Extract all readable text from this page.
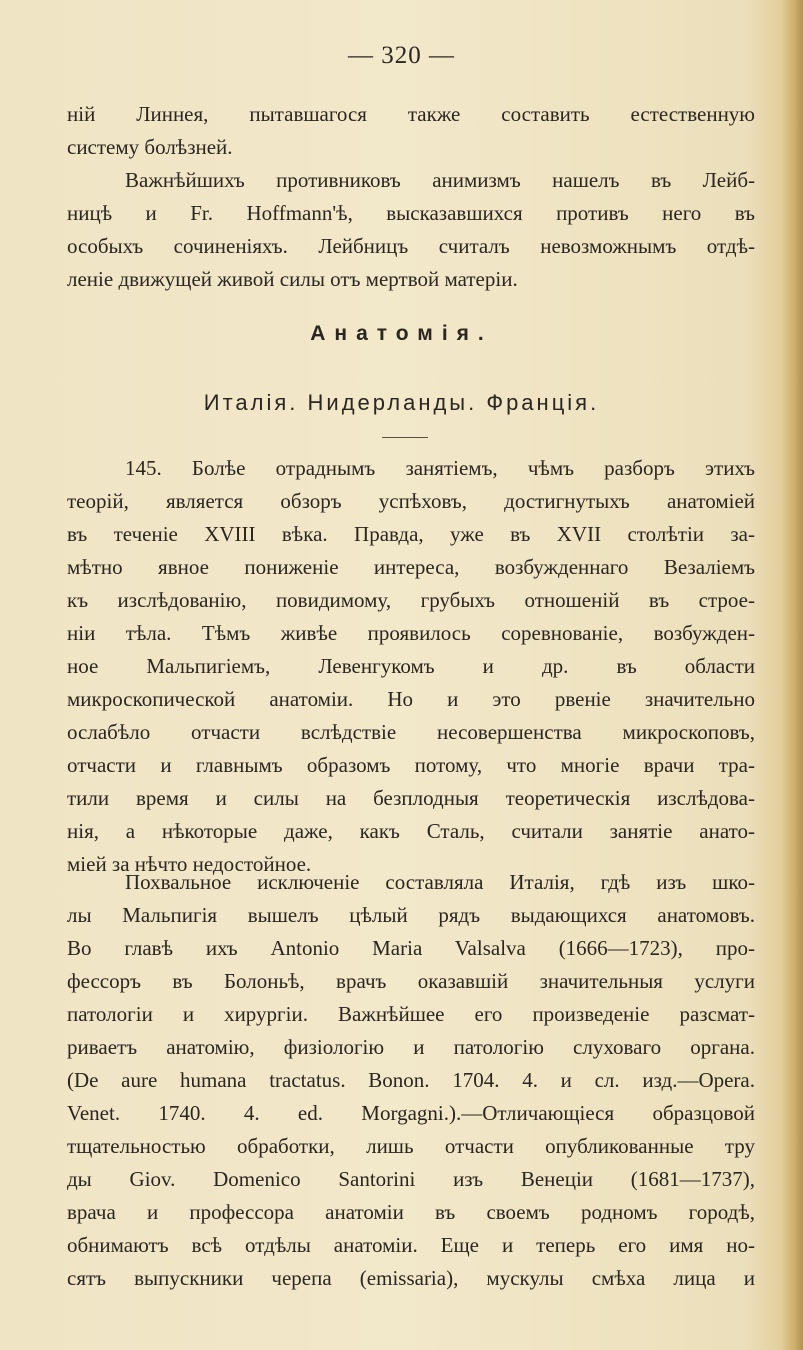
— 320 —
ній Линнея, пытавшагося также составить естественную
систему болѣзней.
Важнѣйшихъ противниковъ анимизмъ нашелъ въ Лейб-
ницѣ и Fr. Hoffmann'ѣ, высказавшихся противъ него въ
особыхъ сочиненіяхъ. Лейбницъ считалъ невозможнымъ отдѣ-
леніе движущей живой силы отъ мертвой матеріи.
Анатомія.
Италія. Нидерланды. Франція.
145. Болѣе отраднымъ занятіемъ, чѣмъ разборъ этихъ
теорій, является обзоръ успѣховъ, достигнутыхъ анатоміей
въ теченіе XVIII вѣка. Правда, уже въ XVII столѣтіи за-
мѣтно явное пониженіе интереса, возбужденнаго Везаліемъ
къ изслѣдованію, повидимому, грубыхъ отношеній въ строе-
ніи тѣла. Тѣмъ живѣе проявилось соревнованіе, возбужден-
ное Мальпигіемъ, Левенгукомъ и др. въ области
микроскопической анатоміи. Но и это рвеніе значительно
ослабѣло отчасти вслѣдствіе несовершенства микроскоповъ,
отчасти и главнымъ образомъ потому, что многіе врачи тра-
тили время и силы на безплодныя теоретическія изслѣдова-
нія, а нѣкоторые даже, какъ Сталь, считали занятіе анато-
міей за нѣчто недостойное.
Похвальное исключеніе составляла Италія, гдѣ изъ шко-
лы Мальпигія вышелъ цѣлый рядъ выдающихся анатомовъ.
Во главѣ ихъ Antonio Maria Valsalva (1666—1723), про-
фессоръ въ Болоньѣ, врачъ оказавшій значительныя услуги
патологіи и хирургіи. Важнѣйшее его произведеніе разсмат-
риваетъ анатомію, физіологію и патологію слуховаго органа.
(De aure humana tractatus. Bonon. 1704. 4. и сл. изд.—Opera.
Venet. 1740. 4. ed. Morgagni.).—Отличающіеся образцовой
тщательностью обработки, лишь отчасти опубликованные тру
ды Giov. Domenico Santorini изъ Венеціи (1681—1737),
врача и профессора анатоміи въ своемъ родномъ городѣ,
обнимаютъ всѣ отдѣлы анатоміи. Еще и теперь его имя но-
сятъ выпускники черепа (emissaria), мускулы смѣха лица и
